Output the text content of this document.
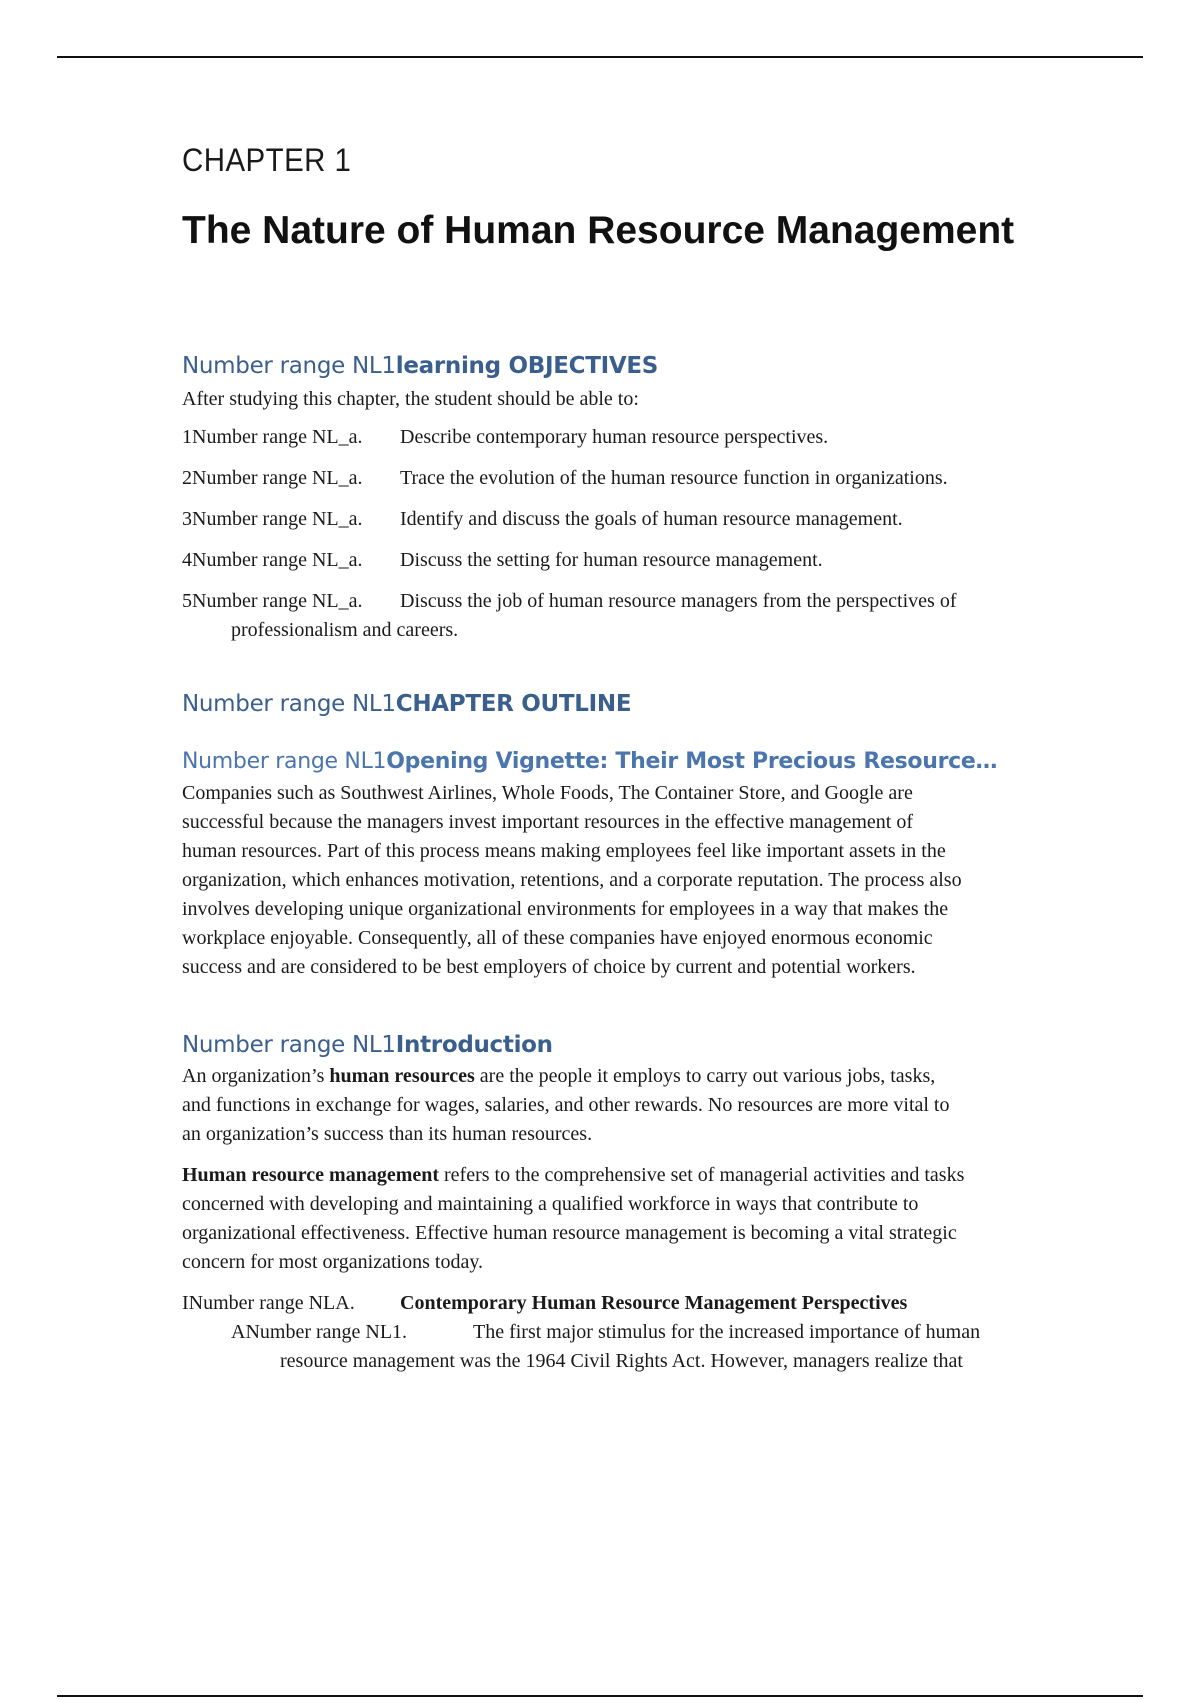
CHAPTER 1

The Nature of Human Resource Management

Number range NL1learning OBJECTIVES

After studying this chapter, the student should be able to:

1Number range NL_a. Describe contemporary human resource perspectives.
2Number range NL_a. Trace the evolution of the human resource function in organizations.
3Number range NL_a. Identify and discuss the goals of human resource management.
4Number range NL_a. Discuss the setting for human resource management.
5Number range NL_a. Discuss the job of human resource managers from the perspectives of
professionalism and careers.

Number range NL1CHAPTER OUTLINE

Number range NL1Opening Vignette: Their Most Precious Resource…

Companies such as Southwest Airlines, Whole Foods, The Container Store, and Google are
successful because the managers invest important resources in the effective management of
human resources. Part of this process means making employees feel like important assets in the
organization, which enhances motivation, retentions, and a corporate reputation. The process also
involves developing unique organizational environments for employees in a way that makes the
workplace enjoyable. Consequently, all of these companies have enjoyed enormous economic
success and are considered to be best employers of choice by current and potential workers.

Number range NL1Introduction

An organization’s human resources are the people it employs to carry out various jobs, tasks,
and functions in exchange for wages, salaries, and other rewards. No resources are more vital to
an organization’s success than its human resources.
Human resource management refers to the comprehensive set of managerial activities and tasks
concerned with developing and maintaining a qualified workforce in ways that contribute to
organizational effectiveness. Effective human resource management is becoming a vital strategic
concern for most organizations today.
INumber range NLA. Contemporary Human Resource Management Perspectives
ANumber range NL1.	The first major stimulus for the increased importance of human
resource management was the 1964 Civil Rights Act. However, managers realize that
